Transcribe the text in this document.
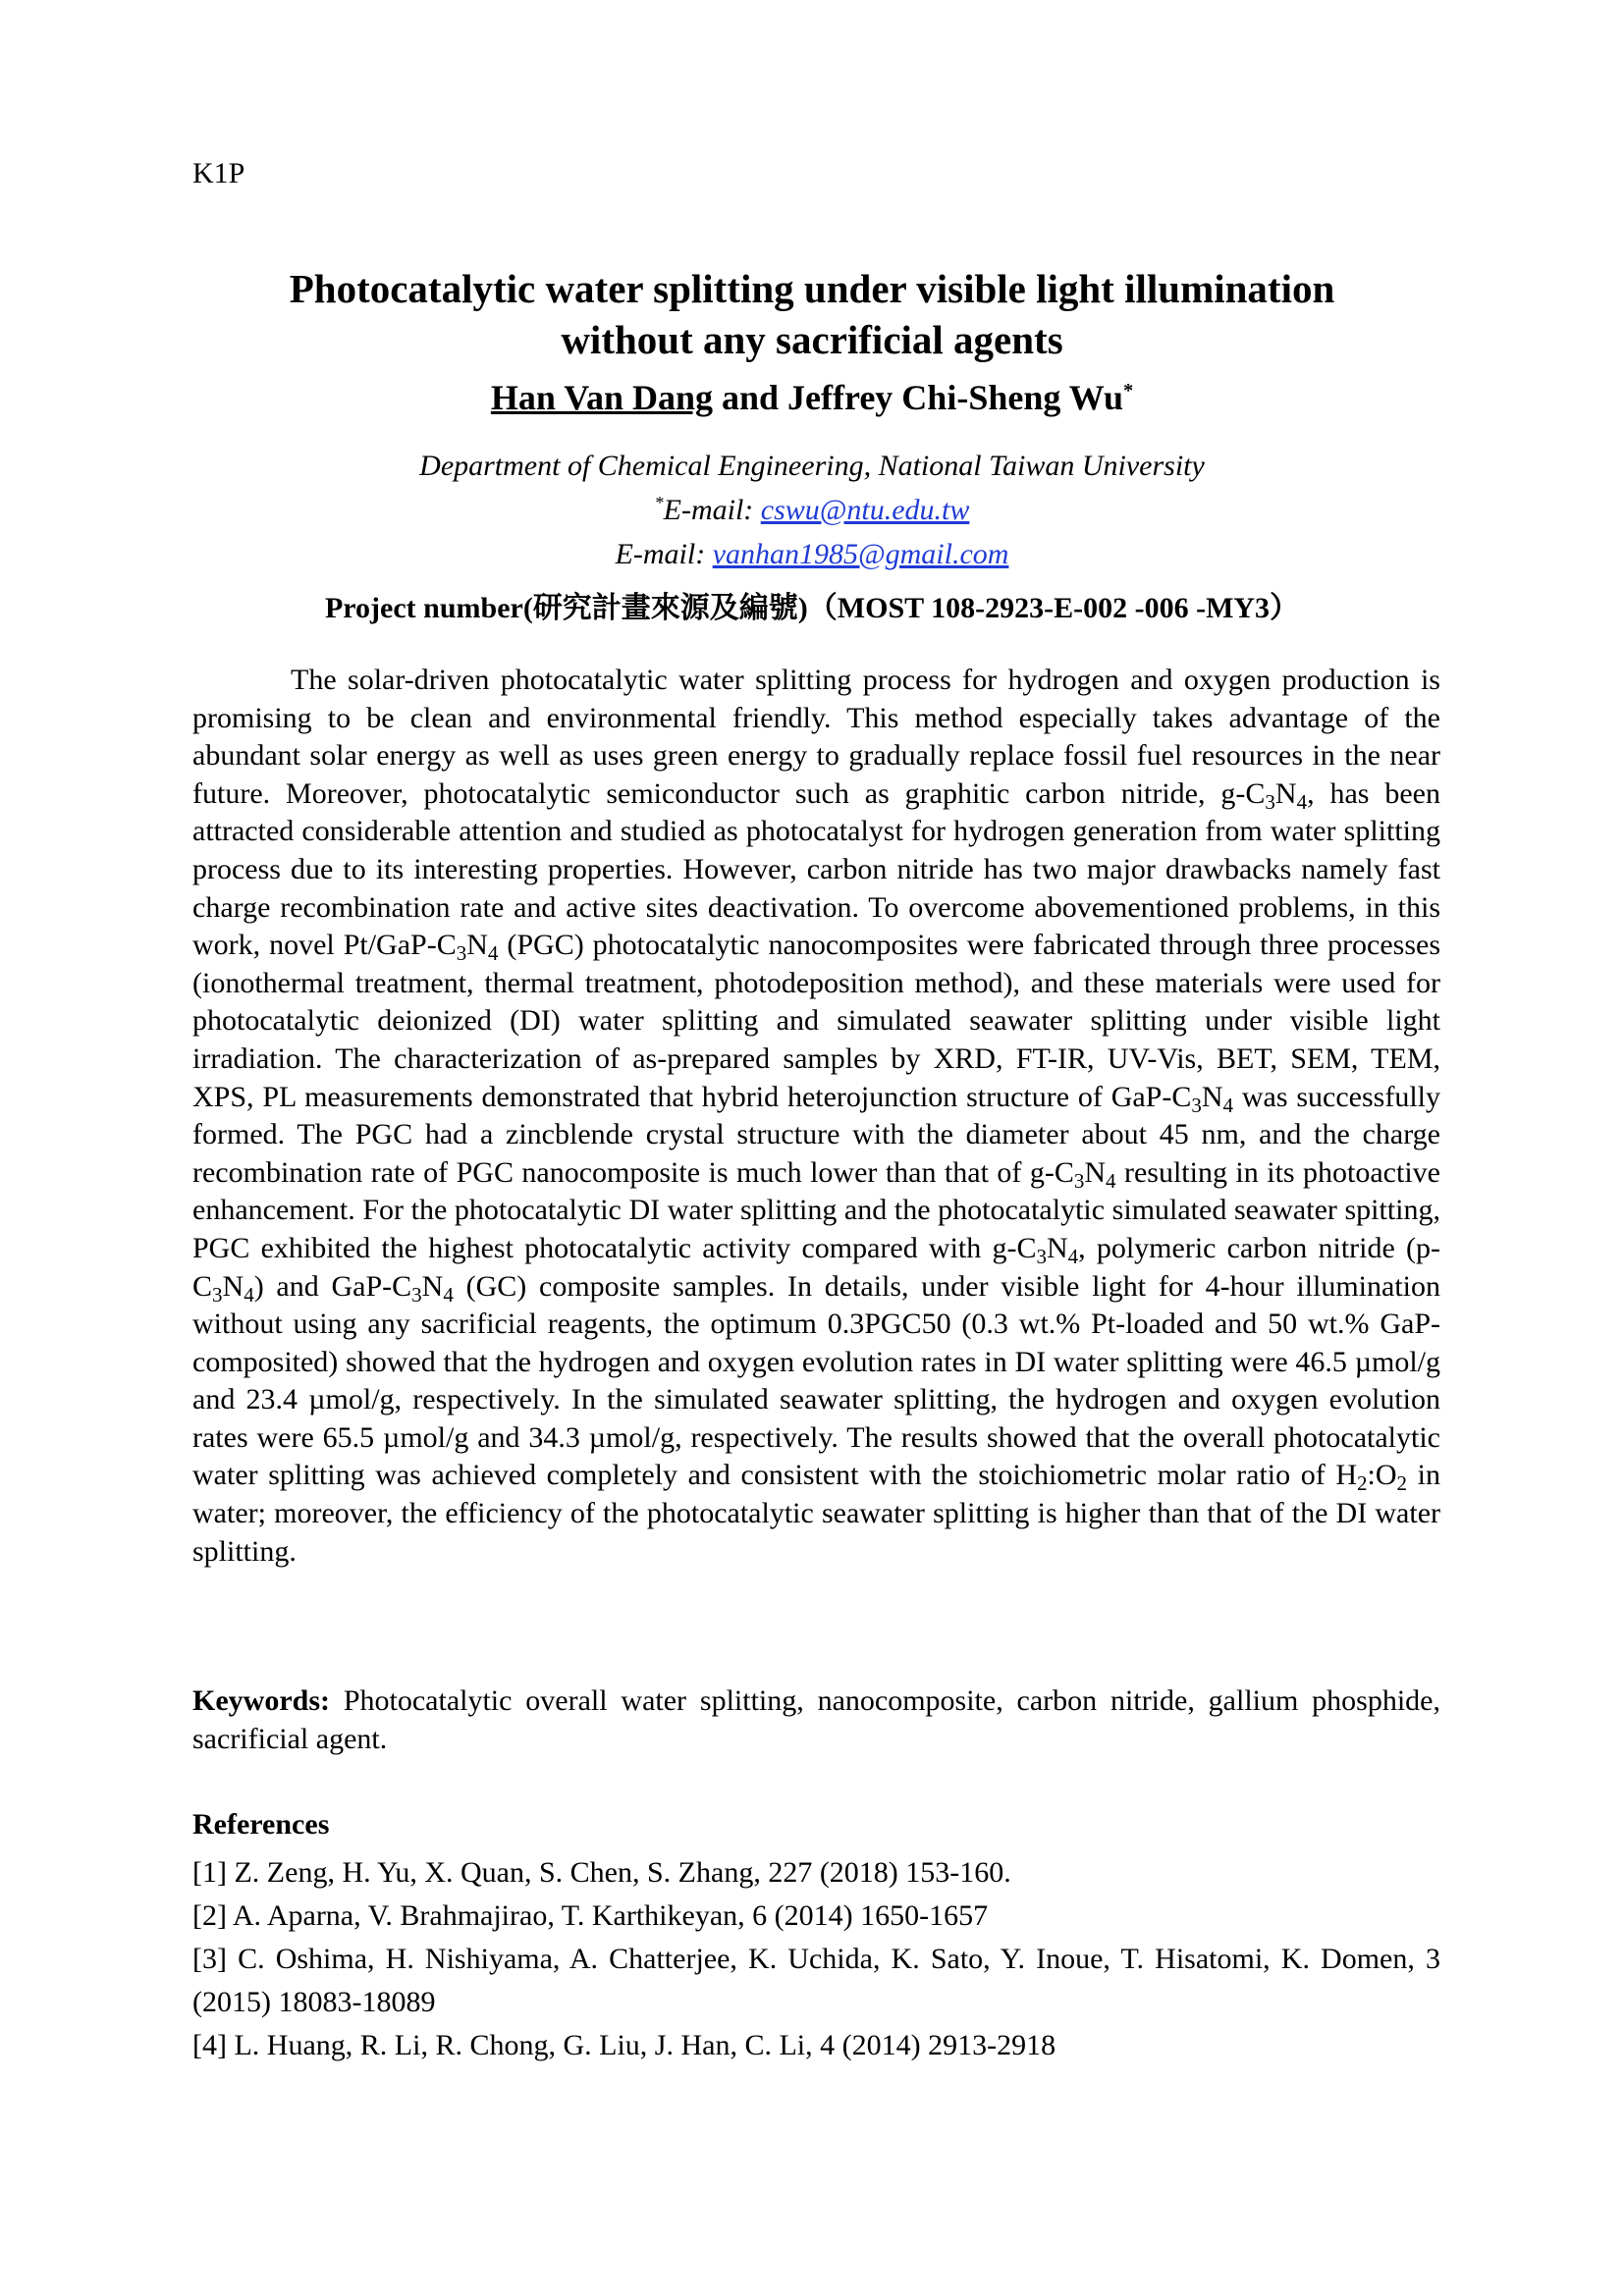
K1P
Photocatalytic water splitting under visible light illumination
without any sacrificial agents
Han Van Dang and Jeffrey Chi-Sheng Wu*
Department of Chemical Engineering, National Taiwan University
*E-mail: cswu@ntu.edu.tw
E-mail: vanhan1985@gmail.com
Project number(研究計畫來源及編號)（MOST 108-2923-E-002 -006 -MY3）

The solar-driven photocatalytic water splitting process for hydrogen and oxygen production is promising to be clean and environmental friendly. This method especially takes advantage of the abundant solar energy as well as uses green energy to gradually replace fossil fuel resources in the near future. Moreover, photocatalytic semiconductor such as graphitic carbon nitride, $g-C_3N_4$, has been attracted considerable attention and studied as photocatalyst for hydrogen generation from water splitting process due to its interesting properties. However, carbon nitride has two major drawbacks namely fast charge recombination rate and active sites deactivation. To overcome abovementioned problems, in this work, novel $Pt/GaP-C_3N_4$ (PGC) photocatalytic nanocomposites were fabricated through three processes (ionothermal treatment, thermal treatment, photodeposition method), and these materials were used for photocatalytic deionized (DI) water splitting and simulated seawater splitting under visible light irradiation. The characterization of as-prepared samples by XRD, FT-IR, UV-Vis, BET, SEM, TEM, XPS, PL measurements demonstrated that hybrid heterojunction structure of GaP-$C_3N_4$ was successfully formed. The PGC had a zincblende crystal structure with the diameter about 45 nm, and the charge recombination rate of PGC nanocomposite is much lower than that of $g-C_3N_4$ resulting in its photoactive enhancement. For the photocatalytic DI water splitting and the photocatalytic simulated seawater spitting, PGC exhibited the highest photocatalytic activity compared with $g-C_3N_4$, polymeric carbon nitride $(p-C_3N_4)$ and GaP-$C_3N_4$ (GC) composite samples. In details, under visible light for 4-hour illumination without using any sacrificial reagents, the optimum 0.3PGC50 (0.3 wt.% Pt-loaded and 50 wt.% GaP-composited) showed that the hydrogen and oxygen evolution rates in DI water splitting were 46.5 µmol/g and 23.4 µmol/g, respectively. In the simulated seawater splitting, the hydrogen and oxygen evolution rates were 65.5 µmol/g and 34.3 µmol/g, respectively. The results showed that the overall photocatalytic water splitting was achieved completely and consistent with the stoichiometric molar ratio of $H_2:O_2$ in water; moreover, the efficiency of the photocatalytic seawater splitting is higher than that of the DI water splitting.

Keywords: Photocatalytic overall water splitting, nanocomposite, carbon nitride, gallium phosphide, sacrificial agent.

References
[1] Z. Zeng, H. Yu, X. Quan, S. Chen, S. Zhang, 227 (2018) 153-160.
[2] A. Aparna, V. Brahmajirao, T. Karthikeyan, 6 (2014) 1650-1657
[3] C. Oshima, H. Nishiyama, A. Chatterjee, K. Uchida, K. Sato, Y. Inoue, T. Hisatomi, K. Domen, 3 (2015) 18083-18089
[4] L. Huang, R. Li, R. Chong, G. Liu, J. Han, C. Li, 4 (2014) 2913-2918
